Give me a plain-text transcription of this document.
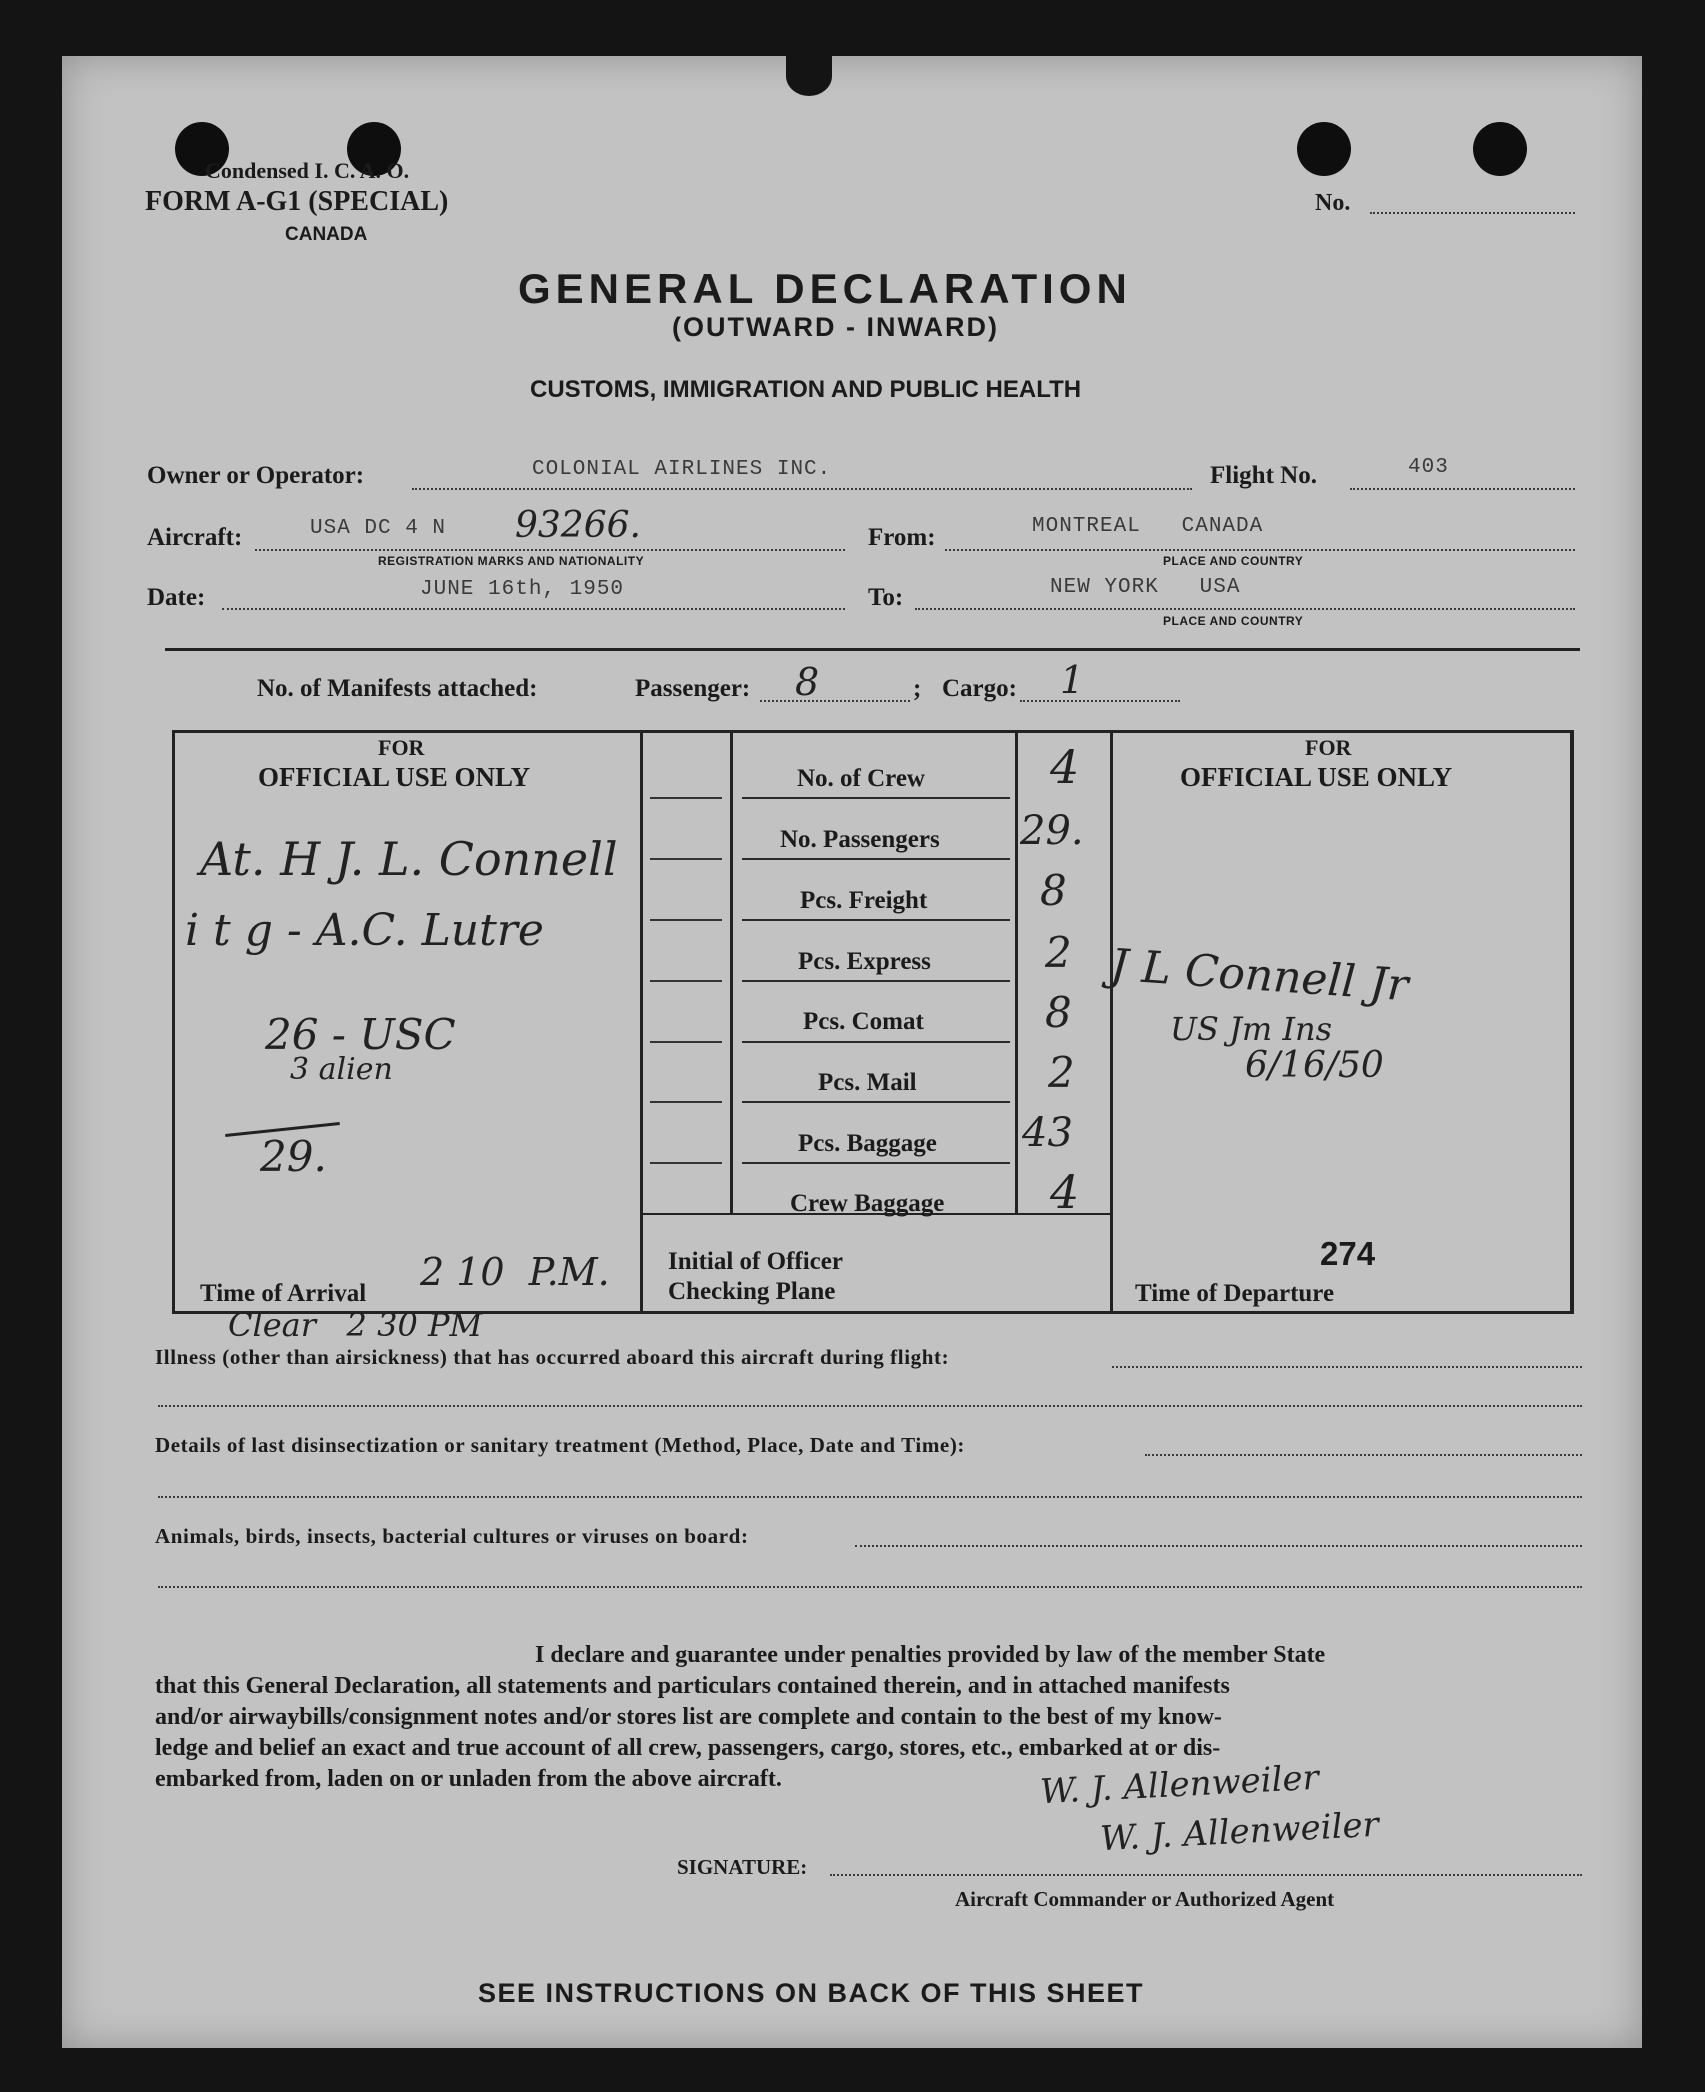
Condensed I. C. A. O.
FORM A-G1 (SPECIAL)
CANADA
No.
GENERAL DECLARATION
(OUTWARD - INWARD)
CUSTOMS, IMMIGRATION AND PUBLIC HEALTH
Owner or Operator:	COLONIAL AIRLINES INC.	Flight No.	403
Aircraft:	USA DC 4 N 93266.
REGISTRATION MARKS AND NATIONALITY
From:	MONTREAL   CANADA
PLACE AND COUNTRY
Date:	JUNE 16th, 1950	To:	NEW YORK   USA
PLACE AND COUNTRY
No. of Manifests attached:	Passenger: 8	; Cargo: 1
FOR
OFFICIAL USE ONLY
FOR
OFFICIAL USE ONLY
No. of Crew	4
No. Passengers 29.
Pcs. Freight	8
Pcs. Express	2
Pcs. Comat	8
Pcs. Mail	2
Pcs. Baggage 43
Crew Baggage 4
At. H J. L. Connell
i t g - A.C. Lutre
26 - USC
3 alien
29.
J L Connell Jr
US Jm Ins
6/16/50
Time of Arrival 2 10  P.M. Initial of Officer
Checking Plane	Time of Departure
274
Clear   2 30 PM
Illness (other than airsickness) that has occurred aboard this aircraft during flight:
Details of last disinsectization or sanitary treatment (Method, Place, Date and Time):
Animals, birds, insects, bacterial cultures or viruses on board:
I declare and guarantee under penalties provided by law of the member State
that this General Declaration, all statements and particulars contained therein, and in attached manifests
and/or airwaybills/consignment notes and/or stores list are complete and contain to the best of my know-
ledge and belief an exact and true account of all crew, passengers, cargo, stores, etc., embarked at or dis-
embarked from, laden on or unladen from the above aircraft.	W. J. Allenweiler
W. J. Allenweiler
SIGNATURE:
Aircraft Commander or Authorized Agent
SEE INSTRUCTIONS ON BACK OF THIS SHEET
